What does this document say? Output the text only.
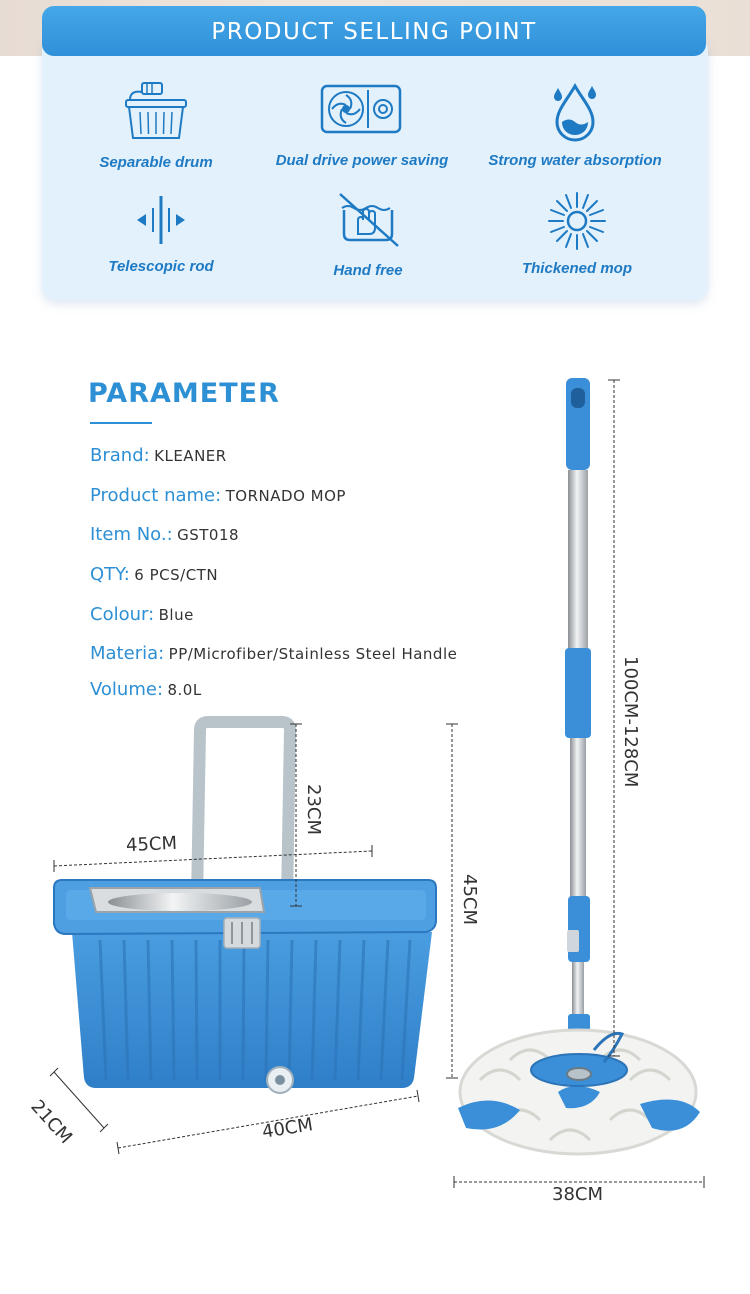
PRODUCT SELLING POINT
Separable drum	Dual drive power saving	Strong water absorption
Telescopic rod	Hand free	Thickened mop
PARAMETER
Brand: KLEANER
Product name: TORNADO MOP
Item No.: GST018
QTY: 6 PCS/CTN
Colour: Blue
Materia: PP/Microfiber/Stainless Steel Handle
Volume: 8.0L
45CM
23CM
45CM
21CM	40CM
100CM-128CM
38CM
